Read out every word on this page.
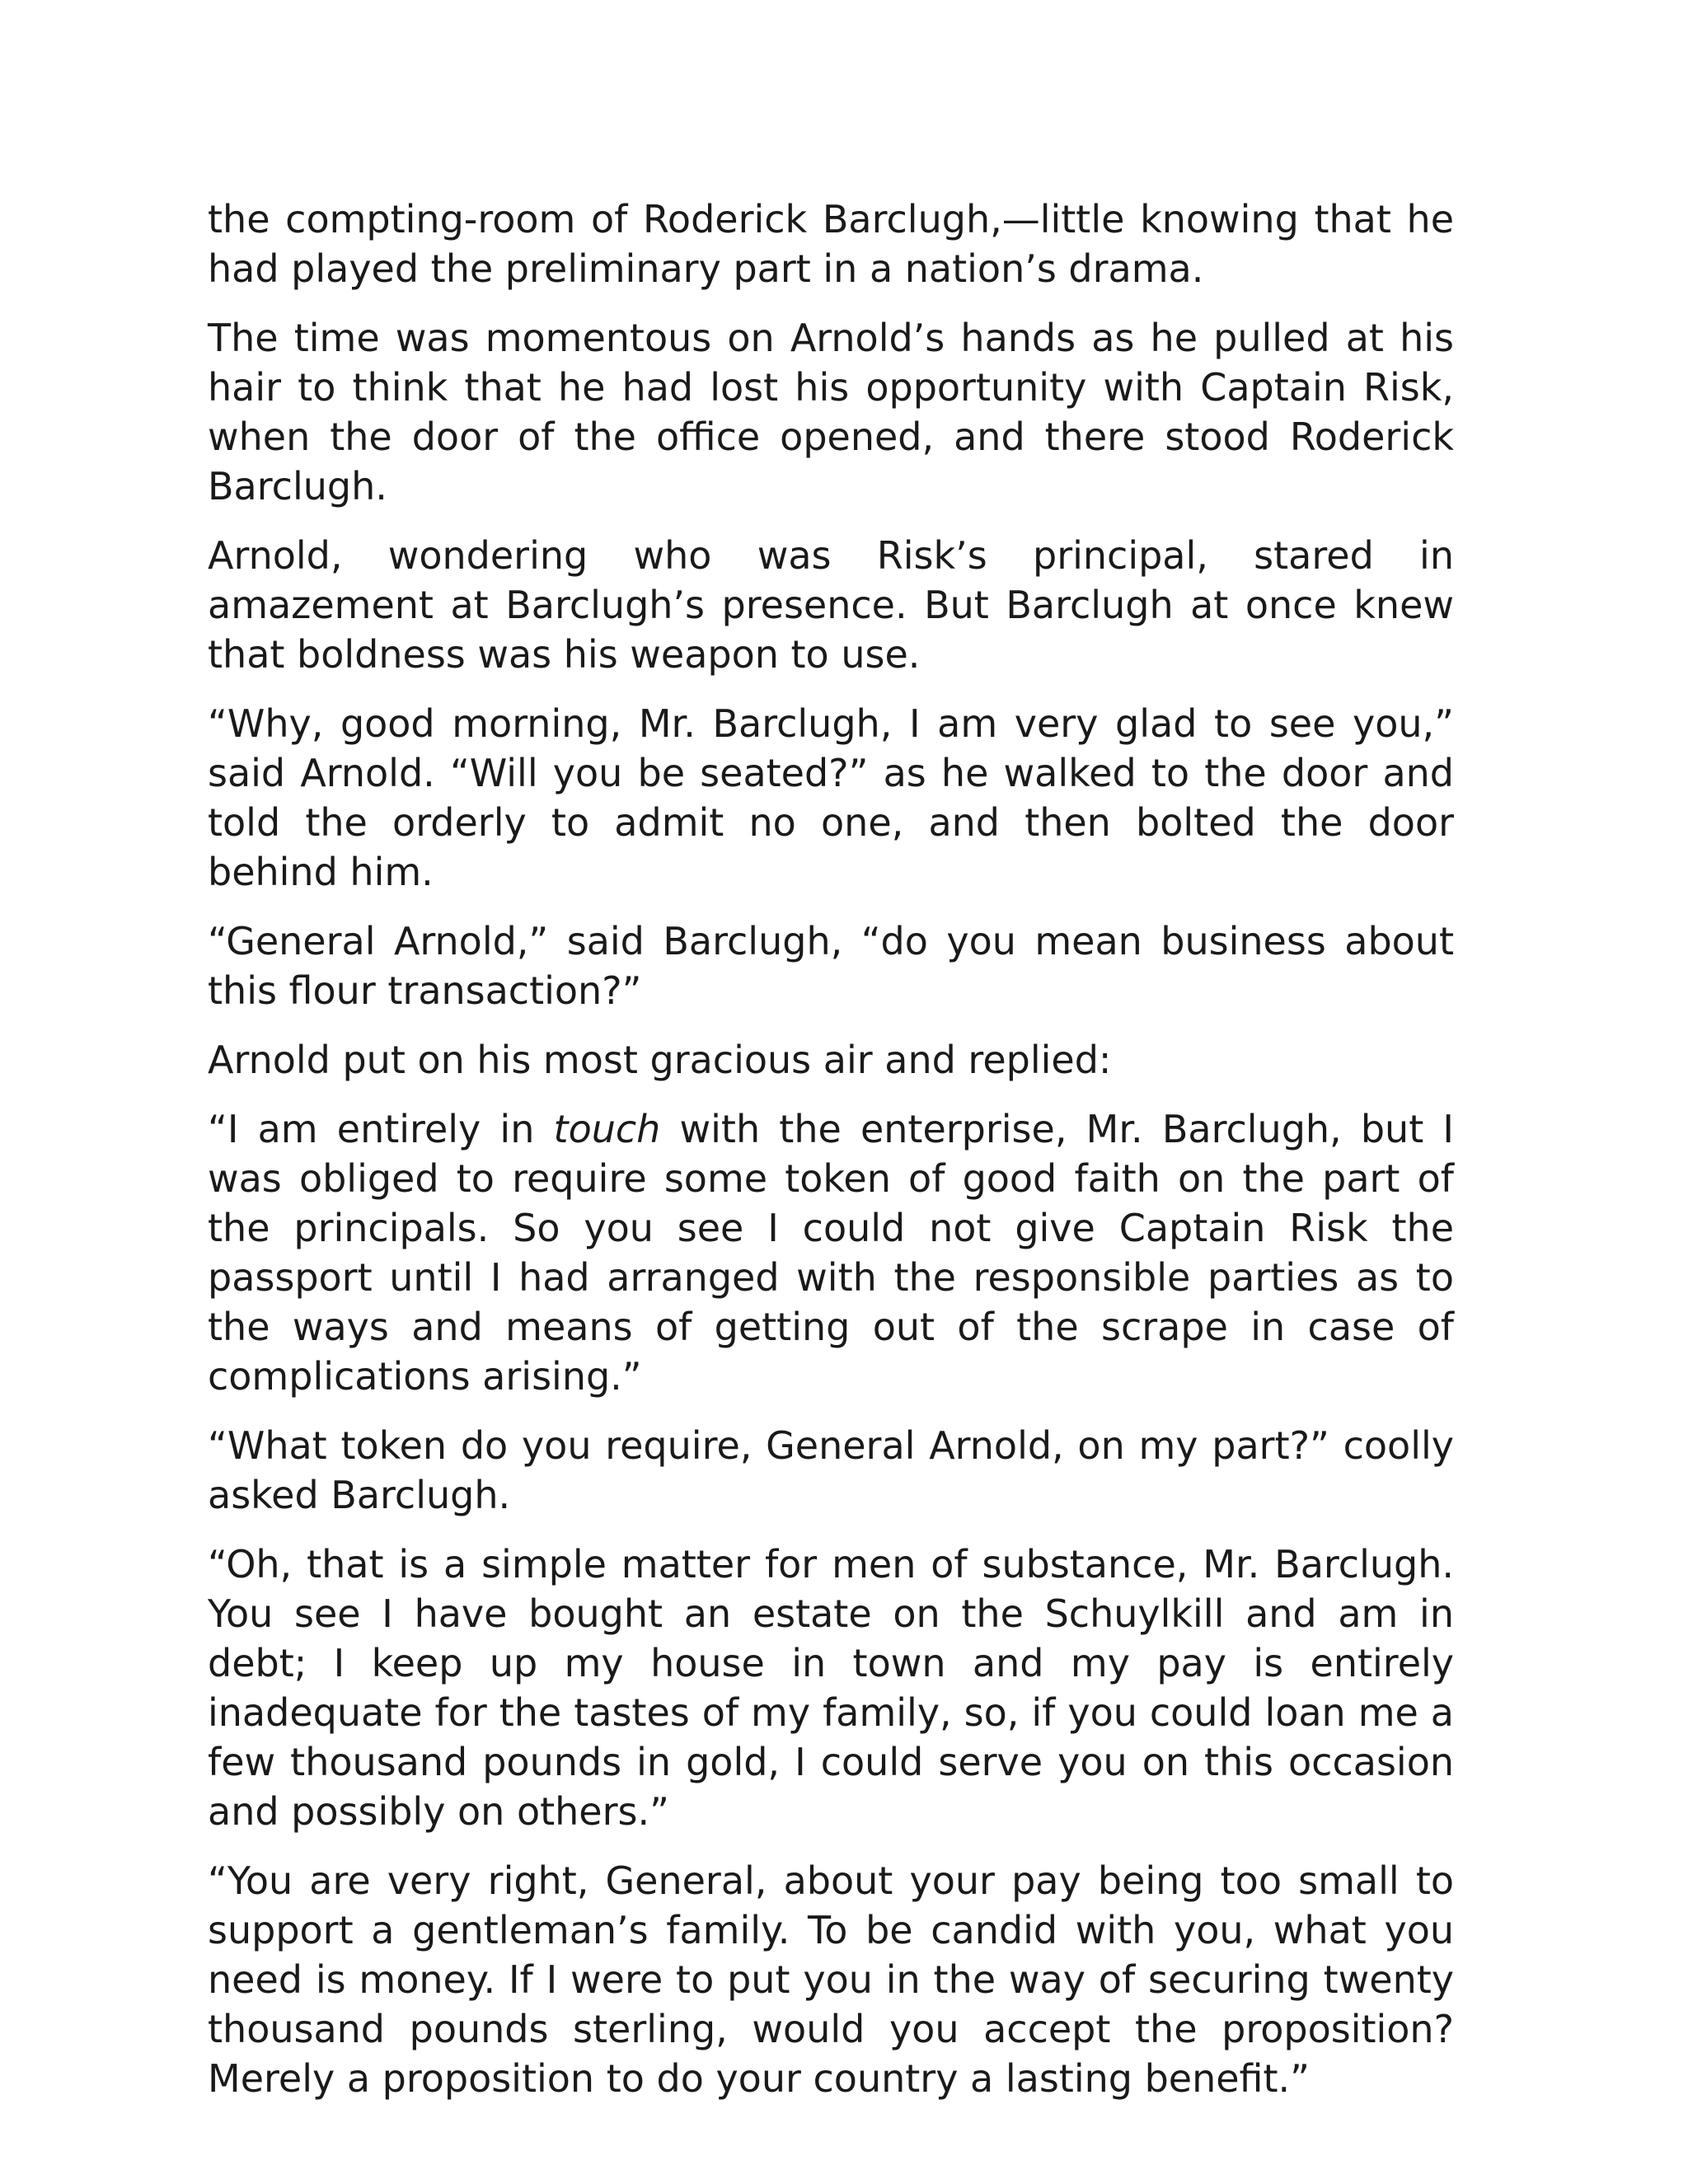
the compting-room of Roderick Barclugh,—little knowing that he had played the preliminary part in a nation’s drama.

The time was momentous on Arnold’s hands as he pulled at his hair to think that he had lost his opportunity with Captain Risk, when the door of the office opened, and there stood Roderick Barclugh.

Arnold, wondering who was Risk’s principal, stared in amazement at Barclugh’s presence. But Barclugh at once knew that boldness was his weapon to use.

“Why, good morning, Mr. Barclugh, I am very glad to see you,” said Arnold. “Will you be seated?” as he walked to the door and told the orderly to admit no one, and then bolted the door behind him.

“General Arnold,” said Barclugh, “do you mean business about this flour transaction?”

Arnold put on his most gracious air and replied:

“I am entirely in touch with the enterprise, Mr. Barclugh, but I was obliged to require some token of good faith on the part of the principals. So you see I could not give Captain Risk the passport until I had arranged with the responsible parties as to the ways and means of getting out of the scrape in case of complications arising.”

“What token do you require, General Arnold, on my part?” coolly asked Barclugh.

“Oh, that is a simple matter for men of substance, Mr. Barclugh. You see I have bought an estate on the Schuylkill and am in debt; I keep up my house in town and my pay is entirely inadequate for the tastes of my family, so, if you could loan me a few thousand pounds in gold, I could serve you on this occasion and possibly on others.”

“You are very right, General, about your pay being too small to support a gentleman’s family. To be candid with you, what you need is money. If I were to put you in the way of securing twenty thousand pounds sterling, would you accept the proposition? Merely a proposition to do your country a lasting benefit.”
